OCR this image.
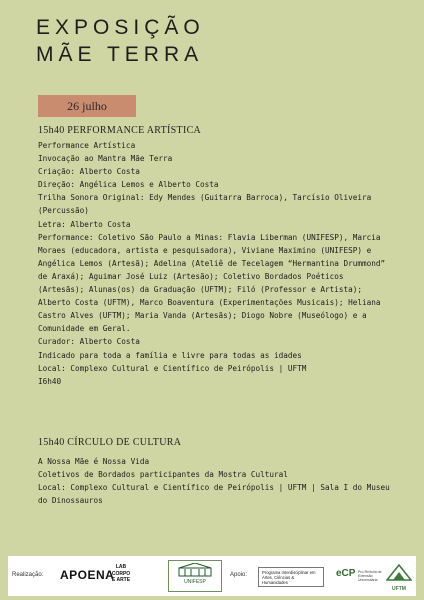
EXPOSIÇÃO
MÃE TERRA
26 julho
15h40 PERFORMANCE ARTÍSTICA

Performance Artística

Invocação ao Mantra Mãe Terra

Criação: Alberto Costa

Direção: Angélica Lemos e Alberto Costa

Trilha Sonora Original: Edy Mendes (Guitarra Barroca), Tarcísio Oliveira (Percussão)

Letra: Alberto Costa

Performance: Coletivo São Paulo a Minas: Flavia Liberman (UNIFESP), Marcia Moraes (educadora, artista e pesquisadora), Viviane Maximino (UNIFESP) e Angélica Lemos (Artesã); Adelina (Ateliê de Tecelagem “Hermantina Drummond” de Araxá); Aguimar José Luiz (Artesão); Coletivo Bordados Poéticos (Artesãs); Alunas(os) da Graduação (UFTM); Filó (Professor e Artista); Alberto Costa (UFTM), Marco Boaventura (Experimentações Musicais); Heliana Castro Alves (UFTM); Maria Vanda (Artesãs); Diogo Nobre (Museólogo) e a Comunidade em Geral.

Curador: Alberto Costa

Indicado para toda a família e livre para todas as idades

Local: Complexo Cultural e Científico de Peirópolis | UFTM

I6h40

15h40 CÍRCULO DE CULTURA

A Nossa Mãe é Nossa Vida

Coletivos de Bordados participantes da Mostra Cultural

Local: Complexo Cultural e Científico de Peirópolis | UFTM | Sala I do Museu do Dinossauros

Realização: APOENA
LAB CORPO E ARTE	UNIFESP
Apoio:	Programa Interdisciplinar em Artes, Ciências & Humanidades
eCP Pró-Reitoria de Extensão Universitária
UFTM
